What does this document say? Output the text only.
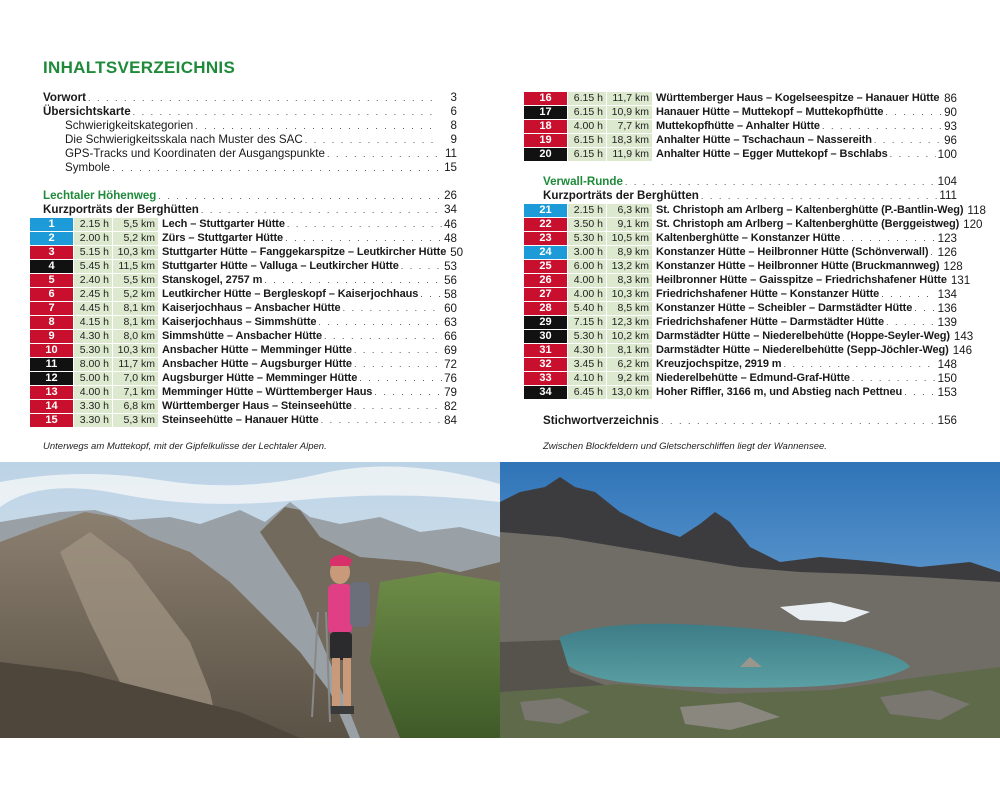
INHALTSVERZEICHNIS
Vorwort . . .	3
Übersichtskarte . . .	6
Schwierigkeitskategorien . . .	8
Die Schwierigkeitsskala nach Muster des SAC . . .	9
GPS-Tracks und Koordinaten der Ausgangspunkte . . .	11
Symbole . . .	15
Lechtaler Höhenweg . . .	26
Kurzporträts der Berghütten . . .	34
1	2.15 h	5,5 km Lech – Stuttgarter Hütte . . .	46
2	2.00 h	5,2 km Zürs – Stuttgarter Hütte . . .	48
3	5.15 h 10,3 km Stuttgarter Hütte – Fanggekarspitze – Leutkircher Hütte 50
4	5.45 h 11,5 km Stuttgarter Hütte – Valluga – Leutkircher Hütte . . .	53
5	2.40 h	5,5 km Stanskogel, 2757 m . . .	56
6	2.45 h	5,2 km Leutkircher Hütte – Bergleskopf – Kaiserjochhaus . . . 58
7	4.45 h	8,1 km Kaiserjochhaus – Ansbacher Hütte . . .	60
8	4.15 h	8,1 km Kaiserjochhaus – Simmshütte . . .	63
9	4.30 h	8,0 km Simmshütte – Ansbacher Hütte . . .	66
10	5.30 h 10,3 km Ansbacher Hütte – Memminger Hütte . . .	69
11	8.00 h 11,7 km Ansbacher Hütte – Augsburger Hütte . . .	72
12	5.00 h	7,0 km Augsburger Hütte – Memminger Hütte . . .	76
13	4.00 h	7,1 km Memminger Hütte – Württemberger Haus . . .	79
14	3.30 h	6,8 km Württemberger Haus – Steinseehütte . . .	82
15	3.30 h	5,3 km Steinseehütte – Hanauer Hütte . . .	84
Unterwegs am Muttekopf, mit der Gipfelkulisse der Lechtaler Alpen.
16	6.15 h 11,7 km Württemberger Haus – Kogelseespitze – Hanauer Hütte . . . 86
17	6.15 h 10,9 km Hanauer Hütte – Muttekopf – Muttekopfhütte . . .	90
18	4.00 h	7,7 km Muttekopfhütte – Anhalter Hütte . . .	93
19	6.15 h 18,3 km Anhalter Hütte – Tschachaun – Nassereith . . .	96
20	6.15 h 11,9 km Anhalter Hütte – Egger Muttekopf – Bschlabs . . .	100
Verwall-Runde . . .	104
Kurzporträts der Berghütten . . .	111
21	2.15 h	6,3 km St. Christoph am Arlberg – Kaltenberghütte (P.-Bantlin-Weg) 118
22	3.50 h	9,1 km St. Christoph am Arlberg – Kaltenberghütte (Berggeistweg) 120
23	5.30 h 10,5 km Kaltenberghütte – Konstanzer Hütte . . .	123
24	3.00 h	8,9 km Konstanzer Hütte – Heilbronner Hütte (Schönverwall) . . . 126
25	6.00 h 13,2 km Konstanzer Hütte – Heilbronner Hütte (Bruckmannweg) 128
26	4.00 h	8,3 km Heilbronner Hütte – Gaisspitze – Friedrichshafener Hütte 131
27	4.00 h 10,3 km Friedrichshafener Hütte – Konstanzer Hütte . . .	134
28	5.40 h	8,5 km Konstanzer Hütte – Scheibler – Darmstädter Hütte . . . 136
29	7.15 h 12,3 km Friedrichshafener Hütte – Darmstädter Hütte . . .	139
30	5.30 h 10,2 km Darmstädter Hütte – Niederelbehütte (Hoppe-Seyler-Weg) 143
31	4.30 h	8,1 km Darmstädter Hütte – Niederelbehütte (Sepp-Jöchler-Weg) 146
32	3.45 h	6,2 km Kreuzjochspitze, 2919 m . . .	148
33	4.10 h	9,2 km Niederelbehütte – Edmund-Graf-Hütte . . .	150
34	6.45 h 13,0 km Hoher Riffler, 3166 m, und Abstieg nach Pettneu . . .	153
Stichwortverzeichnis . . .	156
Zwischen Blockfeldern und Gletscherschliffen liegt der Wannensee.
